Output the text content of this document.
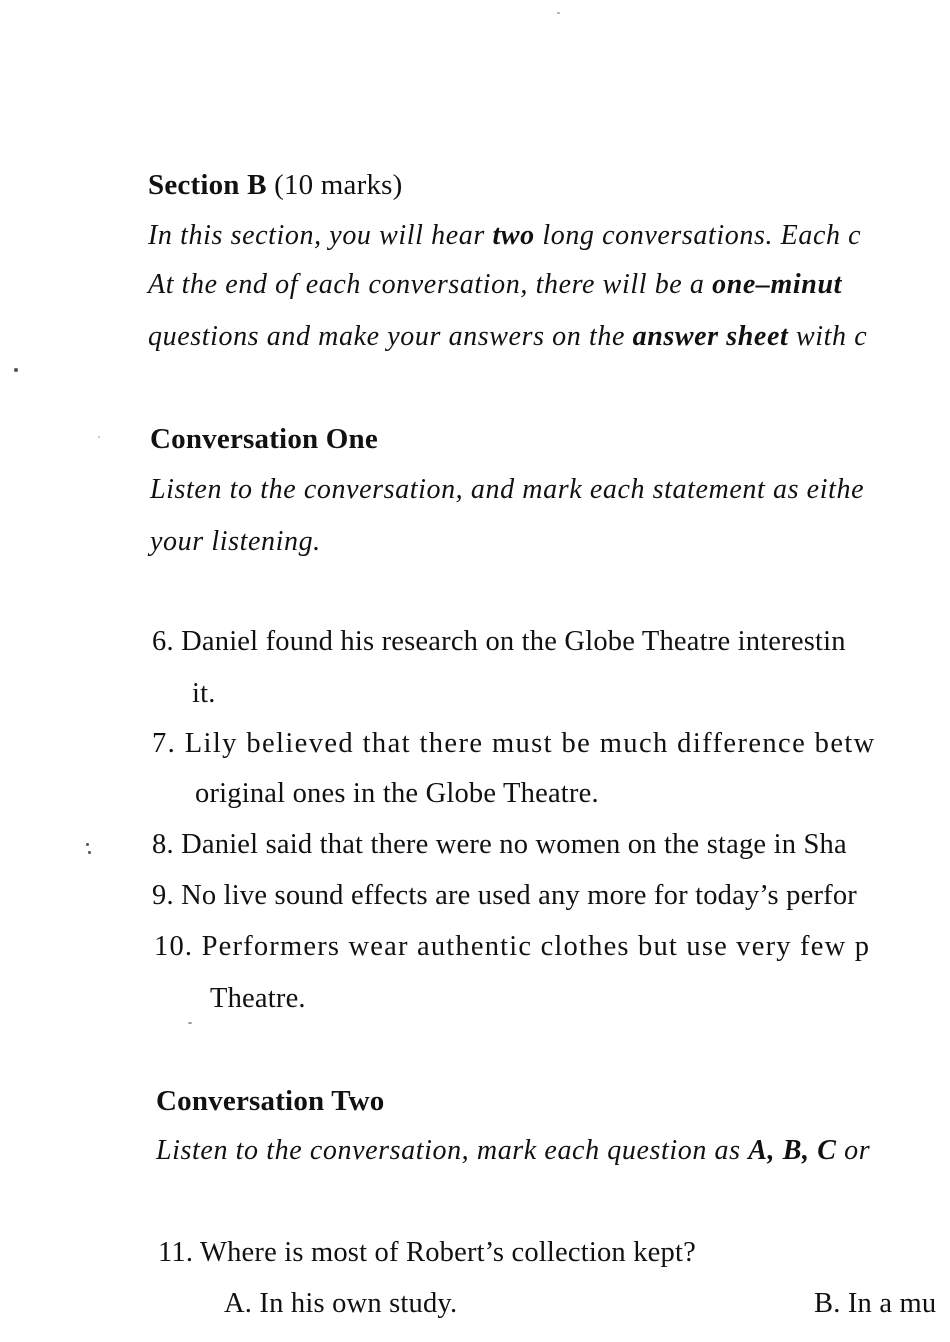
Section B (10 marks)
In this section, you will hear two long conversations. Each c
At the end of each conversation, there will be a one–minut
questions and make your answers on the answer sheet with c
Conversation One
Listen to the conversation, and mark each statement as eithe
your listening.
6. Daniel found his research on the Globe Theatre interestin
it.
7. Lily believed that there must be much difference betw
original ones in the Globe Theatre.
8. Daniel said that there were no women on the stage in Sha
9. No live sound effects are used any more for today’s perfor
10. Performers wear authentic clothes but use very few p
Theatre.
Conversation Two
Listen to the conversation, mark each question as A, B, C or
11. Where is most of Robert’s collection kept?
A. In his own study.	B. In a mu
